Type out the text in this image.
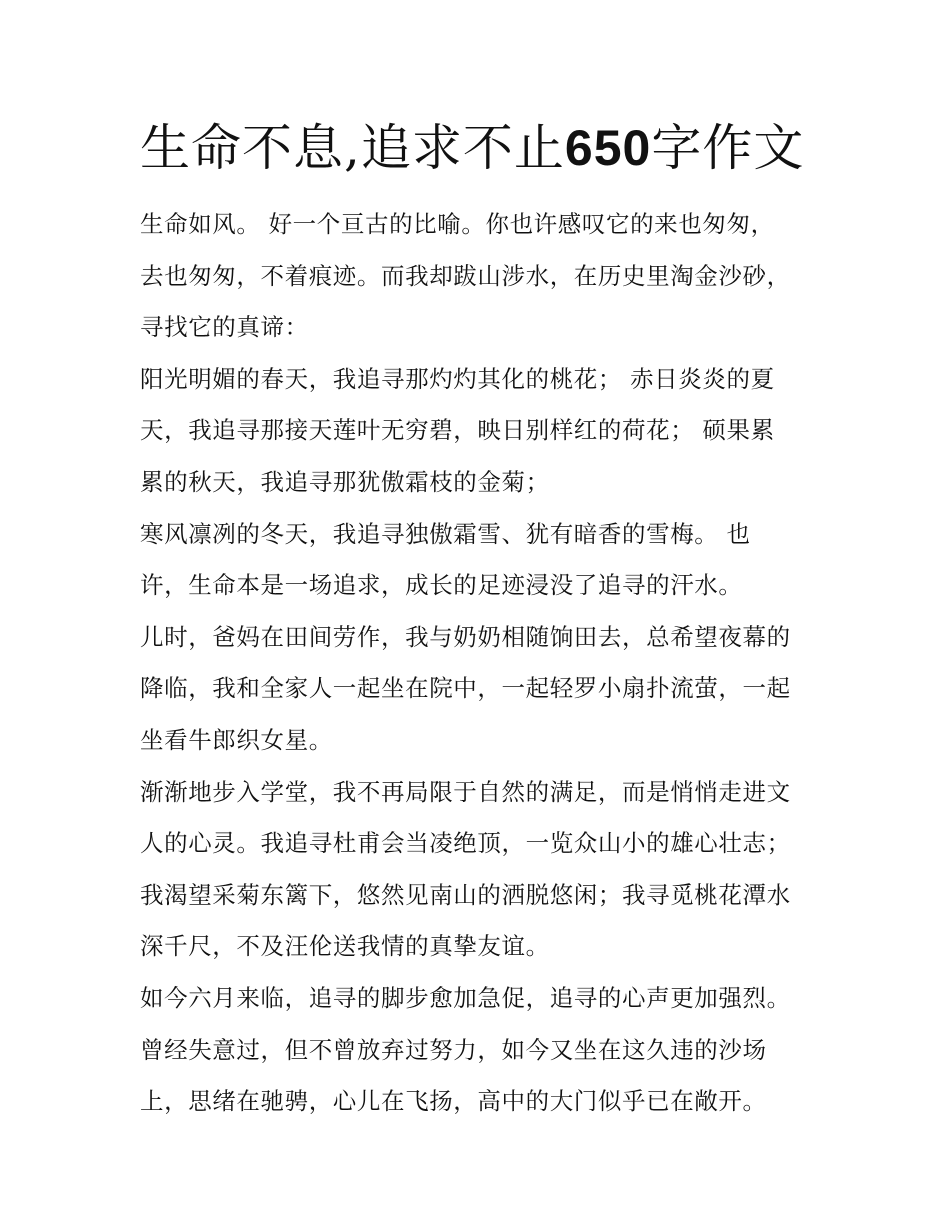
生命不息,追求不止650字作文
生命如风。 好一个亘古的比喻。你也许感叹它的来也匆匆，
去也匆匆，不着痕迹。而我却跋山涉水，在历史里淘金沙砂，
寻找它的真谛：
阳光明媚的春天，我追寻那灼灼其化的桃花； 赤日炎炎的夏
天，我追寻那接天莲叶无穷碧，映日别样红的荷花； 硕果累
累的秋天，我追寻那犹傲霜枝的金菊；
寒风凛冽的冬天，我追寻独傲霜雪、犹有暗香的雪梅。 也
许，生命本是一场追求，成长的足迹浸没了追寻的汗水。
儿时，爸妈在田间劳作，我与奶奶相随饷田去，总希望夜幕的
降临，我和全家人一起坐在院中，一起轻罗小扇扑流萤，一起
坐看牛郎织女星。
渐渐地步入学堂，我不再局限于自然的满足，而是悄悄走进文
人的心灵。我追寻杜甫会当凌绝顶，一览众山小的雄心壮志；
我渴望采菊东篱下，悠然见南山的洒脱悠闲；我寻觅桃花潭水
深千尺，不及汪伦送我情的真挚友谊。
如今六月来临，追寻的脚步愈加急促，追寻的心声更加强烈。
曾经失意过，但不曾放弃过努力，如今又坐在这久违的沙场
上，思绪在驰骋，心儿在飞扬，高中的大门似乎已在敞开。
